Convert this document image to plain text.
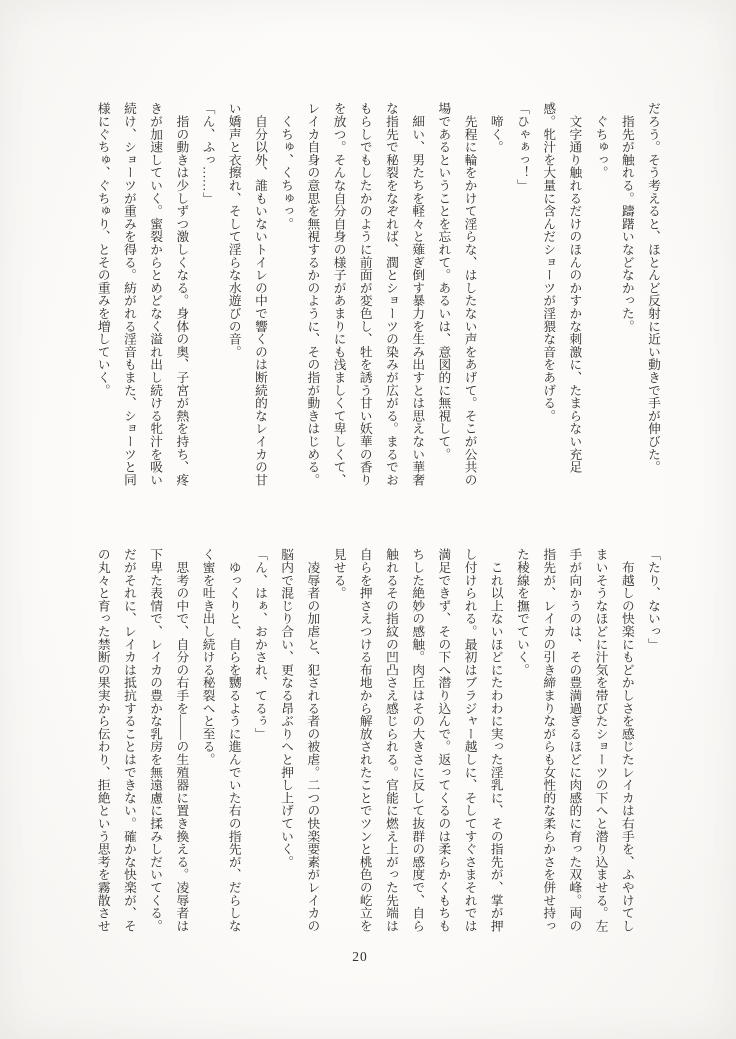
だろう。そう考えると、ほとんど反射に近い動きで手が伸びた。

　指先が触れる。躊躇いなどなかった。

　ぐちゅっ。

　文字通り触れるだけのほんのかすかな刺激に、たまらない充足

感。牝汁を大量に含んだショーツが淫猥な音をあげる。

「ひゃぁっ！」

　啼く。

　先程に輪をかけて淫らな、はしたない声をあげて。そこが公共の

場であるということを忘れて。あるいは、意図的に無視して。

　細い、男たちを軽々と薙ぎ倒す暴力を生み出すとは思えない華奢

な指先で秘裂をなぞれば、潤とショーツの染みが広がる。まるでお

もらしでもしたかのように前面が変色し、牡を誘う甘い妖華の香り

を放つ。そんな自分自身の様子があまりにも浅ましくて卑しくて、

レイカ自身の意思を無視するかのように、その指が動きはじめる。

　くちゅ、くちゅっ。

　自分以外、誰もいないトイレの中で響くのは断続的なレイカの甘

い嬌声と衣擦れ、そして淫らな水遊びの音。

「ん、ふっ……」

　指の動きは少しずつ激しくなる。身体の奥、子宮が熱を持ち、疼

きが加速していく。蜜裂からとめどなく溢れ出し続ける牝汁を吸い

続け、ショーツが重みを得る。紡がれる淫音もまた、ショーツと同

様にぐちゅ、ぐちゅり、とその重みを増していく。

「たり、ないっ」

　布越しの快楽にもどかしさを感じたレイカは右手を、ふやけてし

まいそうなほどに汁気を帯びたショーツの下へと潜り込ませる。左

手が向かうのは、その豊満過ぎるほどに肉感的に育った双峰。両の

指先が、レイカの引き締まりながらも女性的な柔らかさを併せ持っ

た稜線を撫でていく。

　これ以上ないほどにたわわに実った淫乳に、その指先が、掌が押

し付けられる。最初はブラジャー越しに、そしてすぐさまそれでは

満足できず、その下へ潜り込んで。返ってくるのは柔らかくもちも

ちした絶妙の感触。肉丘はその大きさに反して抜群の感度で、自ら

触れるその指紋の凹凸さえ感じられる。官能に燃え上がった先端は

自らを押さえつける布地から解放されたことでツンと桃色の屹立を

見せる。

　凌辱者の加虐と、犯される者の被虐。二つの快楽要素がレイカの

脳内で混じり合い、更なる昂ぶりへと押し上げていく。

「ん、はぁ、おかされ、てるぅ」

　ゆっくりと、自らを嬲るように進んでいた右の指先が、だらしな

く蜜を吐き出し続ける秘裂へと至る。

　思考の中で、自分の右手を――の生殖器に置き換える。凌辱者は

下卑た表情で、レイカの豊かな乳房を無遠慮に揉みしだいてくる。

だがそれに、レイカは抵抗することはできない。確かな快楽が、そ

の丸々と育った禁断の果実から伝わり、拒絶という思考を霧散させ

20
